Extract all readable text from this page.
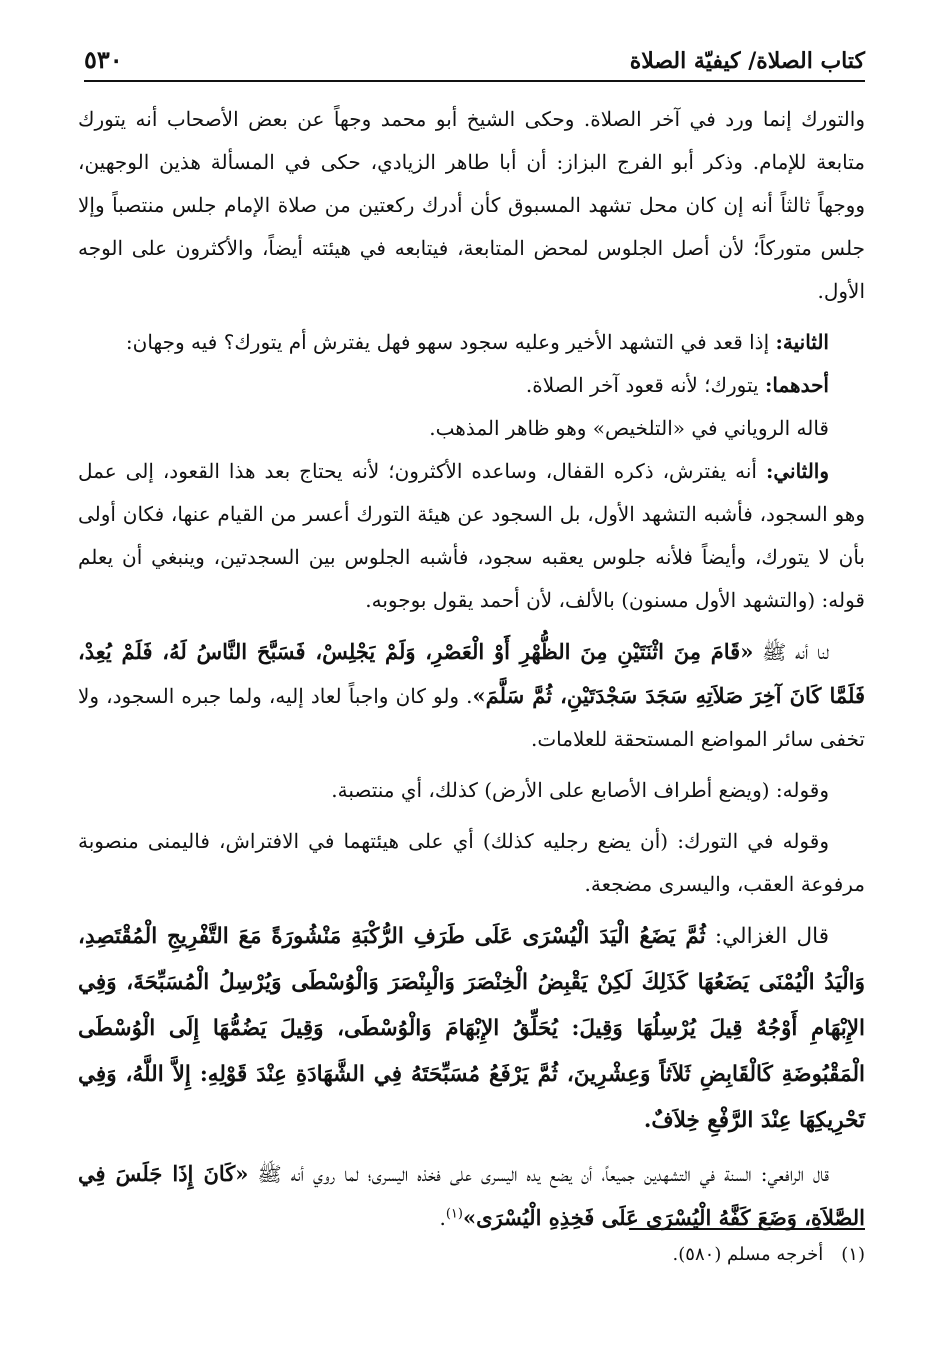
كتاب الصلاة/ كيفيّة الصلاة
٥٣٠

والتورك إنما ورد في آخر الصلاة. وحكى الشيخ أبو محمد وجهاً عن بعض الأصحاب أنه يتورك متابعة للإمام. وذكر أبو الفرج البزاز: أن أبا طاهر الزيادي، حكى في المسألة هذين الوجهين، ووجهاً ثالثاً أنه إن كان محل تشهد المسبوق كأن أدرك ركعتين من صلاة الإمام جلس منتصباً وإلا جلس متوركاً؛ لأن أصل الجلوس لمحض المتابعة، فيتابعه في هيئته أيضاً، والأكثرون على الوجه الأول.

الثانية: إذا قعد في التشهد الأخير وعليه سجود سهو فهل يفترش أم يتورك؟ فيه وجهان:

أحدهما: يتورك؛ لأنه قعود آخر الصلاة.

قاله الروياني في «التلخيص» وهو ظاهر المذهب.

والثاني: أنه يفترش، ذكره القفال، وساعده الأكثرون؛ لأنه يحتاج بعد هذا القعود، إلى عمل وهو السجود، فأشبه التشهد الأول، بل السجود عن هيئة التورك أعسر من القيام عنها، فكان أولى بأن لا يتورك، وأيضاً فلأنه جلوس يعقبه سجود، فأشبه الجلوس بين السجدتين، وينبغي أن يعلم قوله: (والتشهد الأول مسنون) بالألف، لأن أحمد يقول بوجوبه.

لنا أنه ﷺ «قَامَ مِنَ اثْنَتَيْنِ مِنَ الظُّهْرِ أَوْ الْعَصْرِ، وَلَمْ يَجْلِسْ، فَسَبَّحَ النَّاسُ لَهُ، فَلَمْ يُعِدْ، فَلَمَّا كَانَ آخِرَ صَلاَتِهِ سَجَدَ سَجْدَتَيْنِ، ثُمَّ سَلَّمَ». ولو كان واجباً لعاد إليه، ولما جبره السجود، ولا تخفى سائر المواضع المستحقة للعلامات.

وقوله: (ويضع أطراف الأصابع على الأرض) كذلك، أي منتصبة.

وقوله في التورك: (أن يضع رجليه كذلك) أي على هيئتهما في الافتراش، فاليمنى منصوبة مرفوعة العقب، واليسرى مضجعة.

قال الغزالي: ثُمَّ يَضَعُ الْيَدَ الْيُسْرَى عَلَى طَرَفِ الرُّكْبَةِ مَنْشُورَةً مَعَ التَّفْرِيجِ الْمُقْتَصِدِ، وَالْيَدُ الْيُمْنَى يَضَعُهَا كَذَلِكَ لَكِنْ يَقْبِضُ الْخِنْصَرَ وَالْبِنْصَرَ وَالْوُسْطَى وَيُرْسِلُ الْمُسَبِّحَةَ، وَفِي الإِبْهَامِ أَوْجُهٌ قِيلَ يُرْسِلُهَا وَقِيلَ: يُحَلِّقُ الإِبْهَامَ وَالْوُسْطَى، وَقِيلَ يَضُمُّهَا إِلَى الْوُسْطَى الْمَقْبُوضَةِ كَالْقَابِضِ ثَلاَثاً وَعِشْرِينَ، ثُمَّ يَرْفَعُ مُسَبِّحَتَهُ فِي الشَّهَادَةِ عِنْدَ قَوْلِهِ: إِلاَّ اللَّهُ، وَفِي تَحْرِيكِهَا عِنْدَ الرَّفْعِ خِلاَفٌ.

قال الرافعي: السنة في التشهدين جميعاً، أن يضع يده اليسرى على فخذه اليسرى؛ لما روي أنه ﷺ «كَانَ إِذَا جَلَسَ فِي الصَّلاَةِ، وَضَعَ كَفَّهُ الْيُسْرَى عَلَى فَخِذِهِ الْيُسْرَى»$^{(١)}$.

(١)أخرجه مسلم (٥٨٠).
